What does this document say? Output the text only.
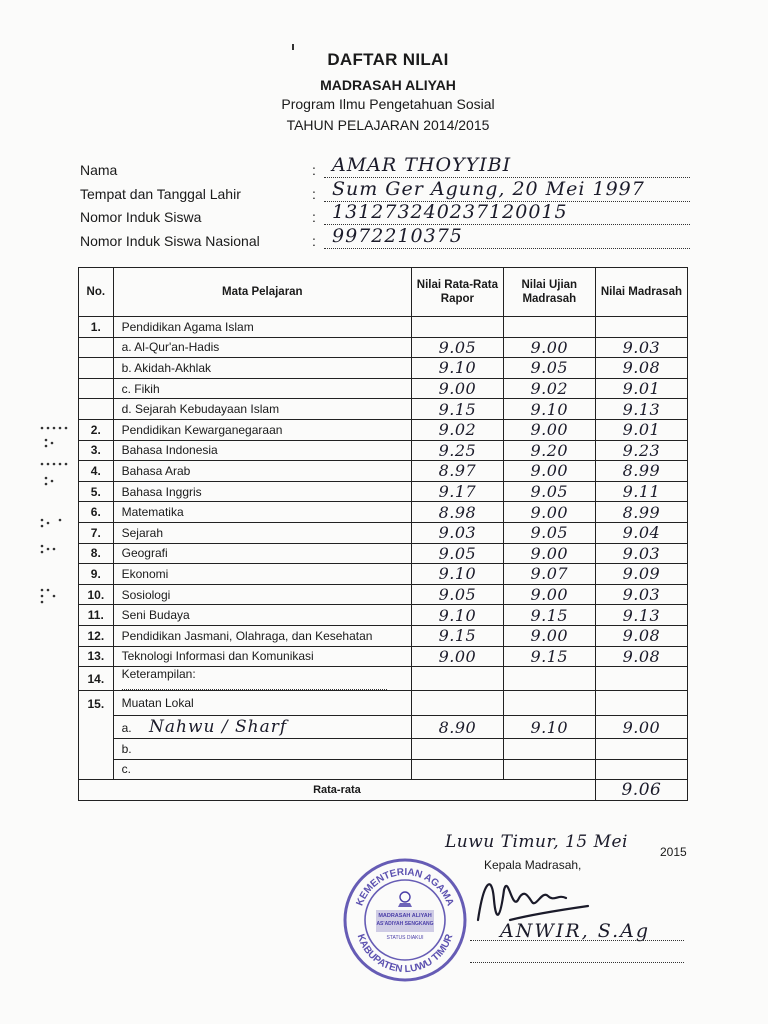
DAFTAR NILAI
MADRASAH ALIYAH
Program Ilmu Pengetahuan Sosial
TAHUN PELAJARAN 2014/2015
Nama	: AMAR THOYYIBI
Tempat dan Tanggal Lahir	: Sum Ger Agung, 20 Mei 1997
Nomor Induk Siswa	: 131273240237120015
Nomor Induk Siswa Nasional	: 9972210375
No.	Mata Pelajaran	Nilai Rata-Rata Rapor	Nilai Ujian Madrasah	Nilai Madrasah
1.	Pendidikan Agama Islam			
	a. Al-Qur'an-Hadis	9.05	9.00	9.03
	b. Akidah-Akhlak	9.10	9.05	9.08
	c. Fikih	9.00	9.02	9.01
	d. Sejarah Kebudayaan Islam	9.15	9.10	9.13
2.	Pendidikan Kewarganegaraan	9.02	9.00	9.01
3.	Bahasa Indonesia	9.25	9.20	9.23
4.	Bahasa Arab	8.97	9.00	8.99
5.	Bahasa Inggris	9.17	9.05	9.11
6.	Matematika	8.98	9.00	8.99
7.	Sejarah	9.03	9.05	9.04
8.	Geografi	9.05	9.00	9.03
9.	Ekonomi	9.10	9.07	9.09
10.	Sosiologi	9.05	9.00	9.03
11.	Seni Budaya	9.10	9.15	9.13
12.	Pendidikan Jasmani, Olahraga, dan Kesehatan	9.15	9.00	9.08
13.	Teknologi Informasi dan Komunikasi	9.00	9.15	9.08
14.	Keterampilan:

15.	Muatan Lokal			
	a. Nahwu / Sharf	8.90	9.10	9.00
	b.			
	c.			
Rata-rata				9.06
Luwu Timur, 15 Mei	2015
Kepala Madrasah,
KEMENTERIAN AGAMA
KABUPATEN LUWU TIMUR
MADRASAH ALIYAH
AS'ADIYAH SENGKANG
STATUS DIAKUI	ANWIR, S.Ag
